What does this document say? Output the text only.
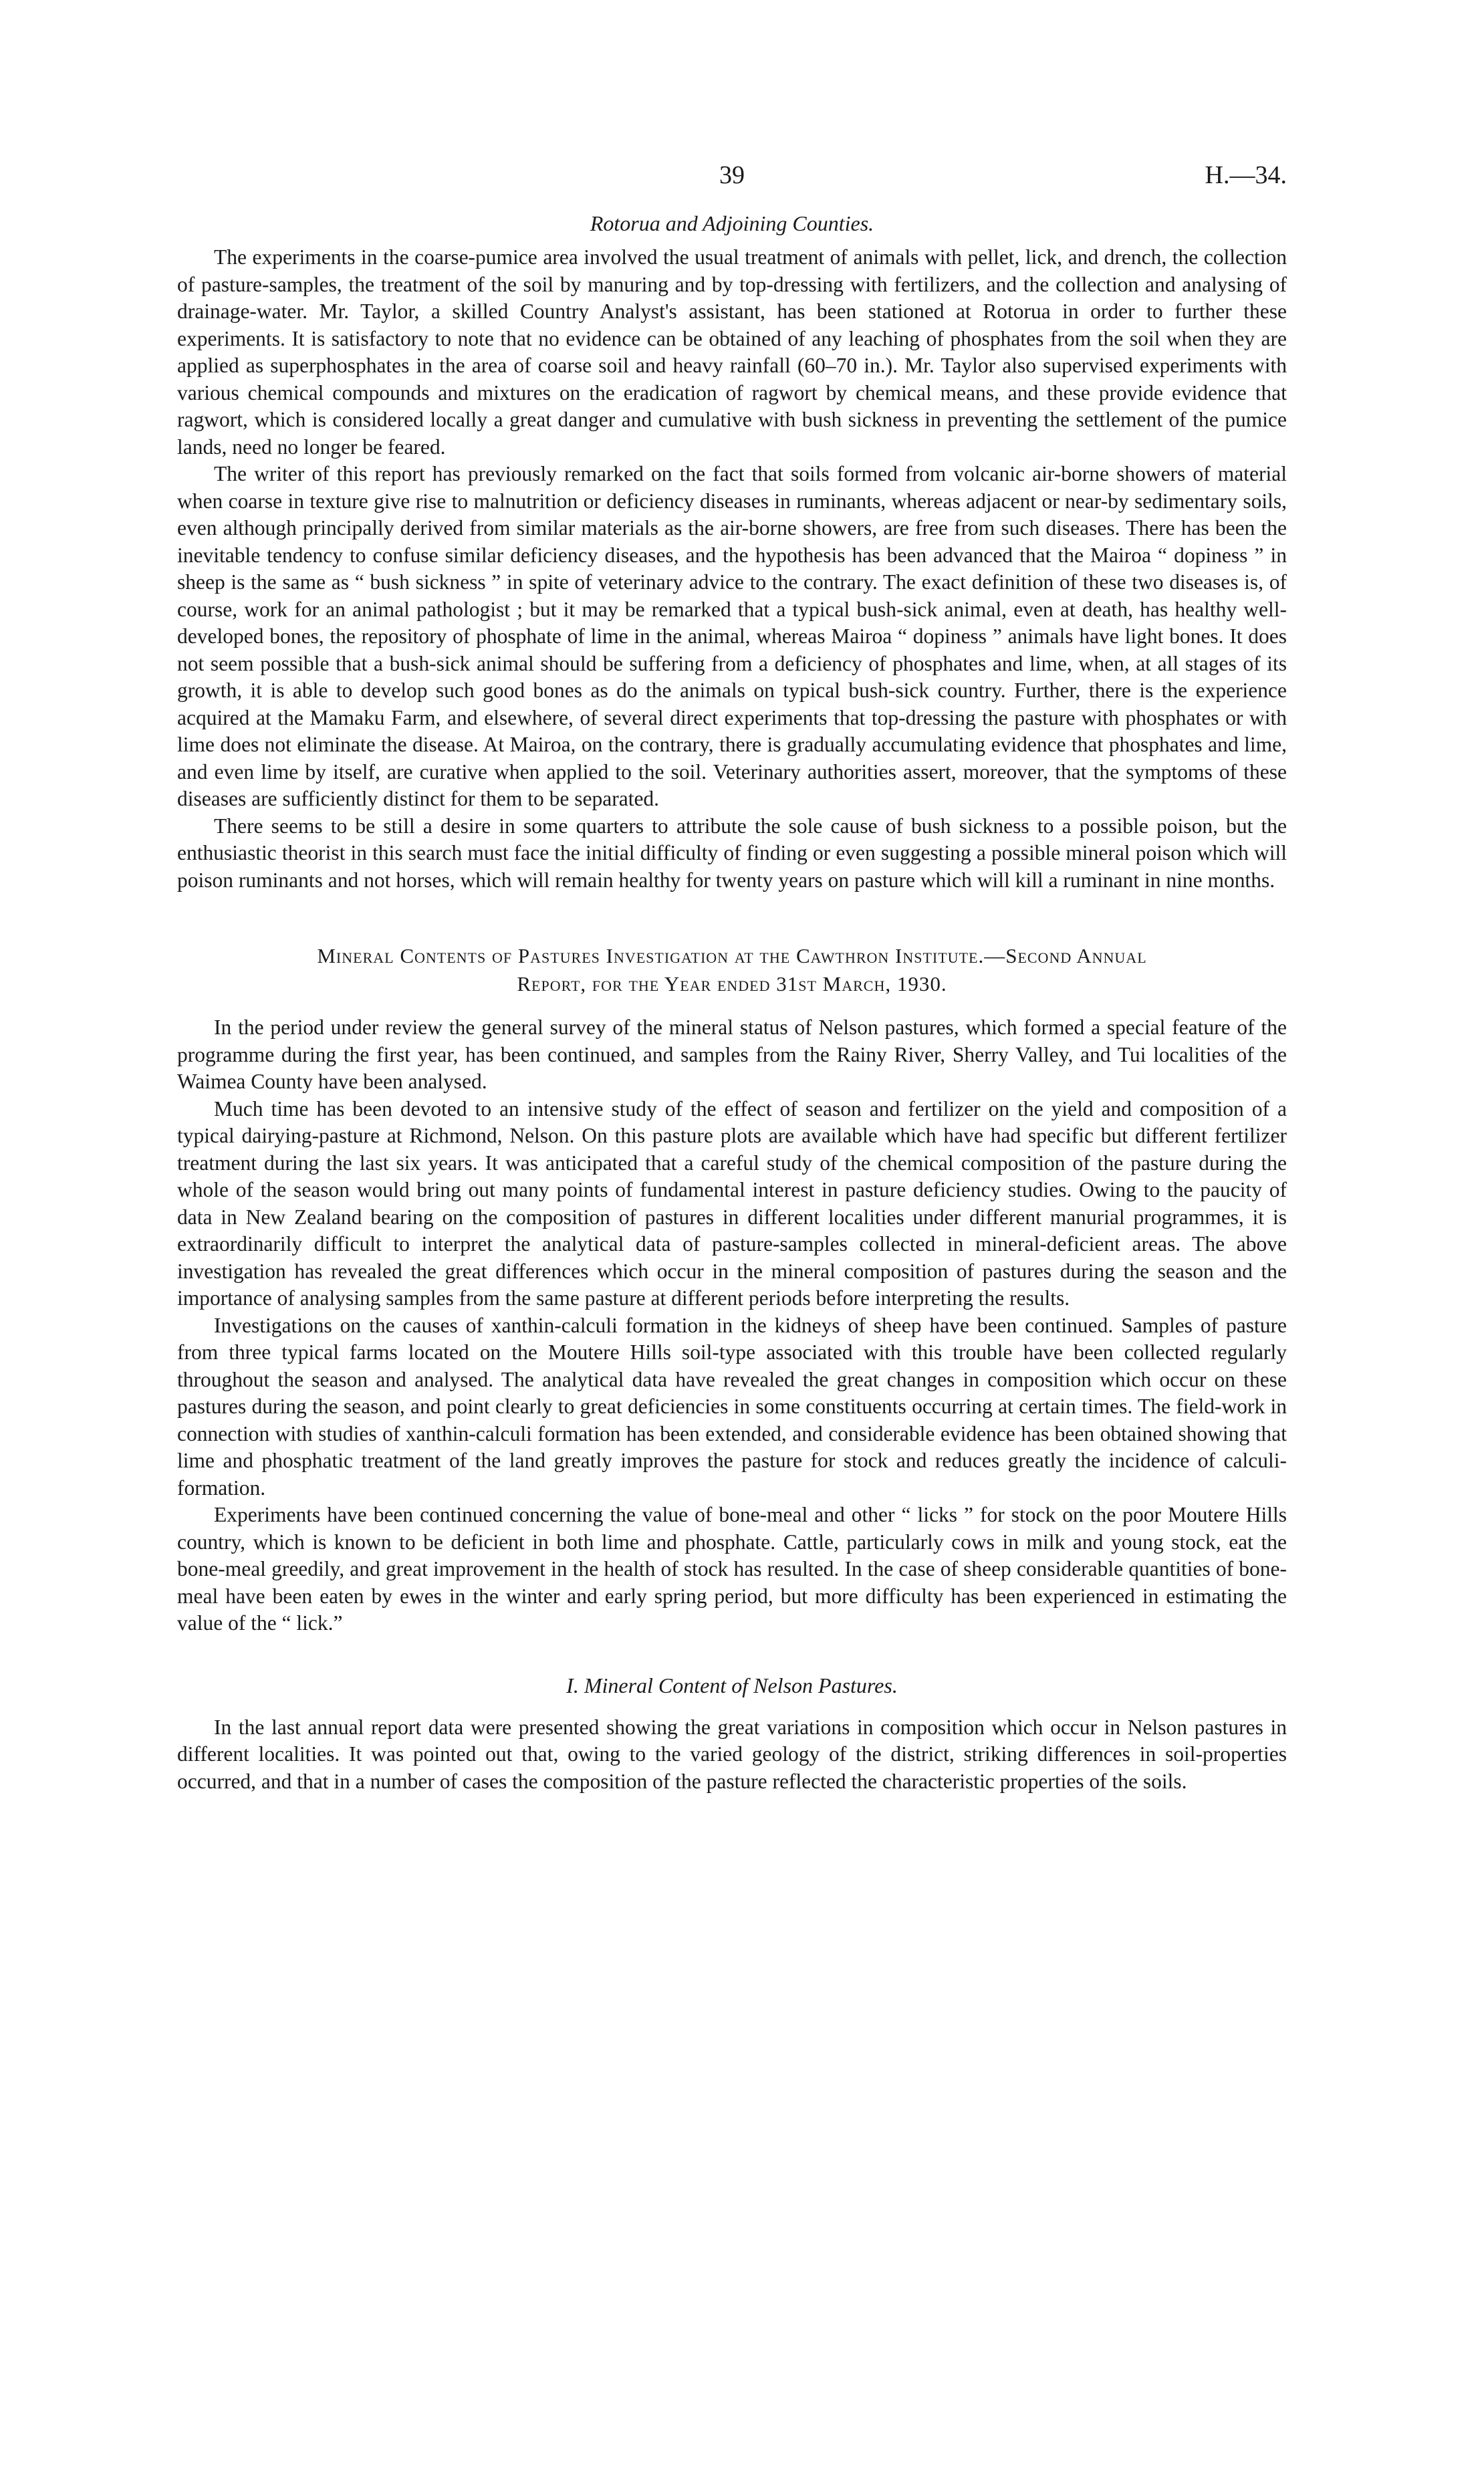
39	H.—34.
Rotorua and Adjoining Counties.

The experiments in the coarse-pumice area involved the usual treatment of animals with pellet, lick, and drench, the collection of pasture-samples, the treatment of the soil by manuring and by top-dressing with fertilizers, and the collection and analysing of drainage-water. Mr. Taylor, a skilled Country Analyst's assistant, has been stationed at Rotorua in order to further these experiments. It is satisfactory to note that no evidence can be obtained of any leaching of phosphates from the soil when they are applied as superphosphates in the area of coarse soil and heavy rainfall (60–70 in.). Mr. Taylor also supervised experiments with various chemical compounds and mixtures on the eradication of ragwort by chemical means, and these provide evidence that ragwort, which is considered locally a great danger and cumulative with bush sickness in preventing the settlement of the pumice lands, need no longer be feared.

The writer of this report has previously remarked on the fact that soils formed from volcanic air-borne showers of material when coarse in texture give rise to malnutrition or deficiency diseases in ruminants, whereas adjacent or near-by sedimentary soils, even although principally derived from similar materials as the air-borne showers, are free from such diseases. There has been the inevitable tendency to confuse similar deficiency diseases, and the hypothesis has been advanced that the Mairoa “ dopiness ” in sheep is the same as “ bush sickness ” in spite of veterinary advice to the contrary. The exact definition of these two diseases is, of course, work for an animal pathologist ; but it may be remarked that a typical bush-sick animal, even at death, has healthy well-developed bones, the repository of phosphate of lime in the animal, whereas Mairoa “ dopiness ” animals have light bones. It does not seem possible that a bush-sick animal should be suffering from a deficiency of phosphates and lime, when, at all stages of its growth, it is able to develop such good bones as do the animals on typical bush-sick country. Further, there is the experience acquired at the Mamaku Farm, and elsewhere, of several direct experiments that top-dressing the pasture with phosphates or with lime does not eliminate the disease. At Mairoa, on the contrary, there is gradually accumulating evidence that phosphates and lime, and even lime by itself, are curative when applied to the soil. Veterinary authorities assert, moreover, that the symptoms of these diseases are sufficiently distinct for them to be separated.

There seems to be still a desire in some quarters to attribute the sole cause of bush sickness to a possible poison, but the enthusiastic theorist in this search must face the initial difficulty of finding or even suggesting a possible mineral poison which will poison ruminants and not horses, which will remain healthy for twenty years on pasture which will kill a ruminant in nine months.

Mineral Contents of Pastures Investigation at the Cawthron Institute.—Second Annual
Report, for the Year ended 31st March, 1930.

In the period under review the general survey of the mineral status of Nelson pastures, which formed a special feature of the programme during the first year, has been continued, and samples from the Rainy River, Sherry Valley, and Tui localities of the Waimea County have been analysed.

Much time has been devoted to an intensive study of the effect of season and fertilizer on the yield and composition of a typical dairying-pasture at Richmond, Nelson. On this pasture plots are available which have had specific but different fertilizer treatment during the last six years. It was anticipated that a careful study of the chemical composition of the pasture during the whole of the season would bring out many points of fundamental interest in pasture deficiency studies. Owing to the paucity of data in New Zealand bearing on the composition of pastures in different localities under different manurial programmes, it is extraordinarily difficult to interpret the analytical data of pasture-samples collected in mineral-deficient areas. The above investigation has revealed the great differences which occur in the mineral composition of pastures during the season and the importance of analysing samples from the same pasture at different periods before interpreting the results.

Investigations on the causes of xanthin-calculi formation in the kidneys of sheep have been continued. Samples of pasture from three typical farms located on the Moutere Hills soil-type associated with this trouble have been collected regularly throughout the season and analysed. The analytical data have revealed the great changes in composition which occur on these pastures during the season, and point clearly to great deficiencies in some constituents occurring at certain times. The field-work in connection with studies of xanthin-calculi formation has been extended, and considerable evidence has been obtained showing that lime and phosphatic treatment of the land greatly improves the pasture for stock and reduces greatly the incidence of calculi-formation.

Experiments have been continued concerning the value of bone-meal and other “ licks ” for stock on the poor Moutere Hills country, which is known to be deficient in both lime and phosphate. Cattle, particularly cows in milk and young stock, eat the bone-meal greedily, and great improvement in the health of stock has resulted. In the case of sheep considerable quantities of bone-meal have been eaten by ewes in the winter and early spring period, but more difficulty has been experienced in estimating the value of the “ lick.”

I. Mineral Content of Nelson Pastures.

In the last annual report data were presented showing the great variations in composition which occur in Nelson pastures in different localities. It was pointed out that, owing to the varied geology of the district, striking differences in soil-properties occurred, and that in a number of cases the composition of the pasture reflected the characteristic properties of the soils.
